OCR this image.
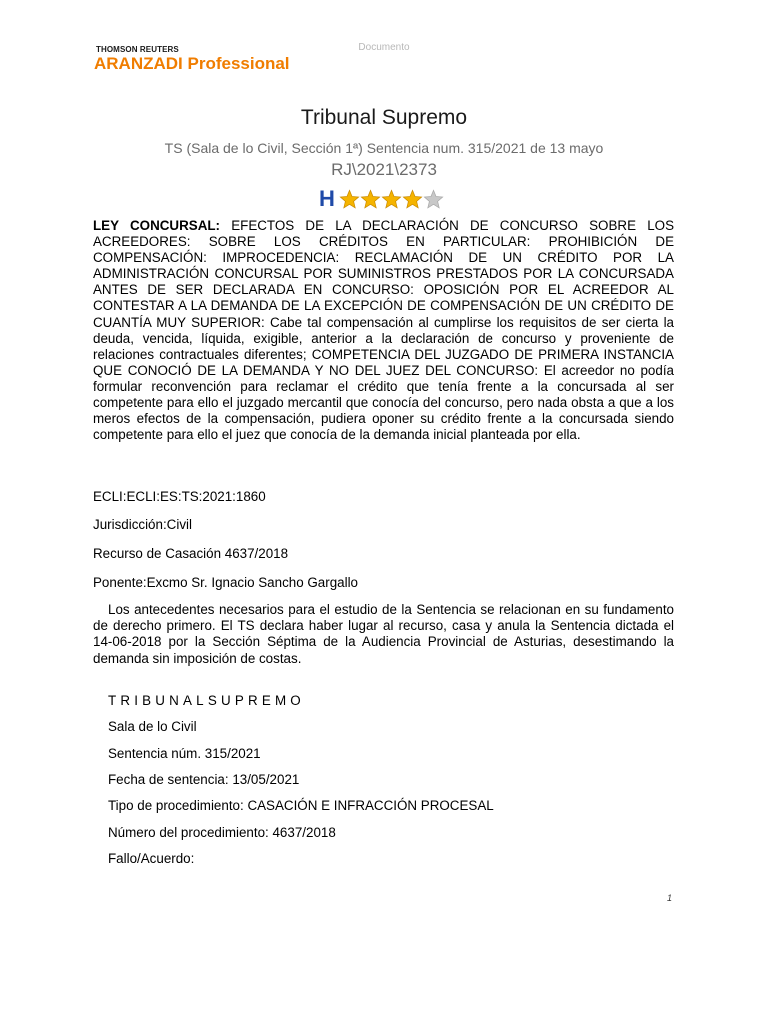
THOMSON REUTERS
ARANZADI Professional
Documento
Tribunal Supremo
TS (Sala de lo Civil, Sección 1ª) Sentencia num. 315/2021 de 13 mayo
RJ\2021\2373
H

LEY CONCURSAL: EFECTOS DE LA DECLARACIÓN DE CONCURSO SOBRE LOS ACREEDORES: SOBRE LOS CRÉDITOS EN PARTICULAR: PROHIBICIÓN DE COMPENSACIÓN: IMPROCEDENCIA: RECLAMACIÓN DE UN CRÉDITO POR LA ADMINISTRACIÓN CONCURSAL POR SUMINISTROS PRESTADOS POR LA CONCURSADA ANTES DE SER DECLARADA EN CONCURSO: OPOSICIÓN POR EL ACREEDOR AL CONTESTAR A LA DEMANDA DE LA EXCEPCIÓN DE COMPENSACIÓN DE UN CRÉDITO DE CUANTÍA MUY SUPERIOR: Cabe tal compensación al cumplirse los requisitos de ser cierta la deuda, vencida, líquida, exigible, anterior a la declaración de concurso y proveniente de relaciones contractuales diferentes; COMPETENCIA DEL JUZGADO DE PRIMERA INSTANCIA QUE CONOCIÓ DE LA DEMANDA Y NO DEL JUEZ DEL CONCURSO: El acreedor no podía formular reconvención para reclamar el crédito que tenía frente a la concursada al ser competente para ello el juzgado mercantil que conocía del concurso, pero nada obsta a que a los meros efectos de la compensación, pudiera oponer su crédito frente a la concursada siendo competente para ello el juez que conocía de la demanda inicial planteada por ella.

ECLI:ECLI:ES:TS:2021:1860

Jurisdicción:Civil

Recurso de Casación 4637/2018

Ponente:Excmo Sr. Ignacio Sancho Gargallo

Los antecedentes necesarios para el estudio de la Sentencia se relacionan en su fundamento de derecho primero. El TS declara haber lugar al recurso, casa y anula la Sentencia dictada el 14-06-2018 por la Sección Séptima de la Audiencia Provincial de Asturias, desestimando la demanda sin imposición de costas.

TRIBUNALSUPREMO

Sala de lo Civil

Sentencia núm. 315/2021

Fecha de sentencia: 13/05/2021

Tipo de procedimiento: CASACIÓN E INFRACCIÓN PROCESAL

Número del procedimiento: 4637/2018

Fallo/Acuerdo:

1
